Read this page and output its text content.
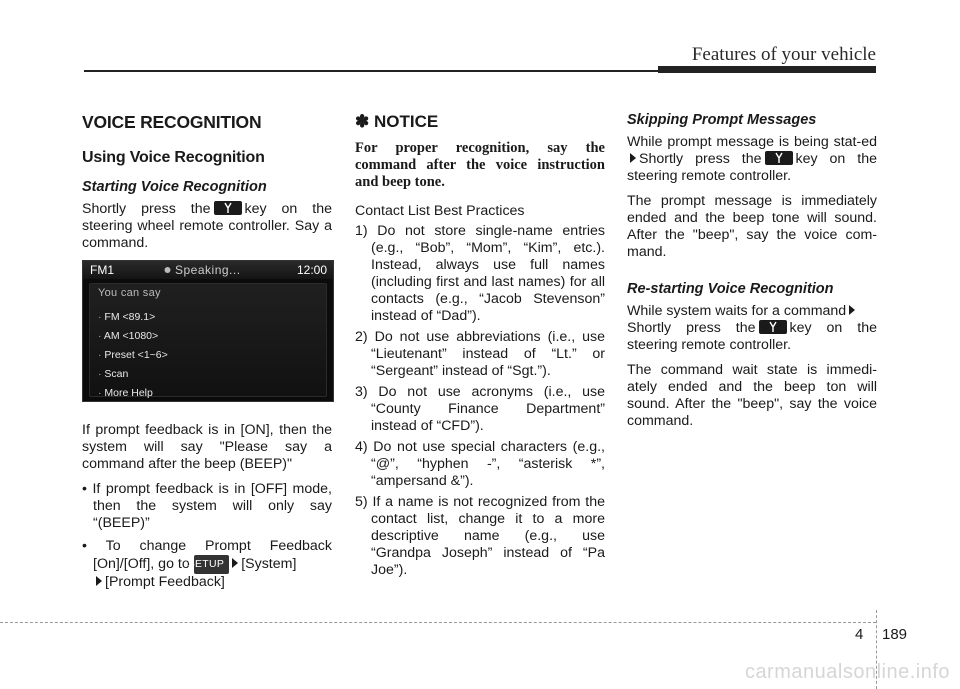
Features of your vehicle
VOICE RECOGNITION
Using Voice Recognition
Starting Voice Recognition

Shortly press the key on the steering wheel remote controller. Say a command.

FM1	Speaking...	12:00
You can say
· FM <89.1>
· AM <1080>
· Preset <1~6>
· Scan
· More Help

If prompt feedback is in [ON], then the system will say "Please say a command after the beep (BEEP)"

• If prompt feedback is in [OFF] mode, then the system will only say “(BEEP)”
• To change Prompt Feedback [On]/[Off], go to SETUP [System]
[Prompt Feedback]
✽ NOTICE

For proper recognition, say the command after the voice instruction and beep tone.

Contact List Best Practices

1) Do not store single-name entries (e.g., “Bob”, “Mom”, “Kim”, etc.). Instead, always use full names (including first and last names) for all contacts (e.g., “Jacob Stevenson” instead of “Dad”).
2) Do not use abbreviations (i.e., use “Lieutenant” instead of “Lt.” or “Sergeant” instead of “Sgt.”).
3) Do not use acronyms (i.e., use “County Finance Department” instead of “CFD”).
4) Do not use special characters (e.g., “@”, “hyphen -”, “asterisk *”, “ampersand &”).
5) If a name is not recognized from the contact list, change it to a more descriptive name (e.g., use “Grandpa Joseph” instead of “Pa Joe”).
Skipping Prompt Messages

While prompt message is being stat-edShortly press the key on the steering remote controller.

The prompt message is immediately ended and the beep tone will sound. After the "beep", say the voice com-mand.

Re-starting Voice Recognition

While system waits for a command
Shortly press the key on the steering remote controller.

The command wait state is immedi-ately ended and the beep ton will sound. After the "beep", say the voice command.

4 189
carmanualsonline.info
